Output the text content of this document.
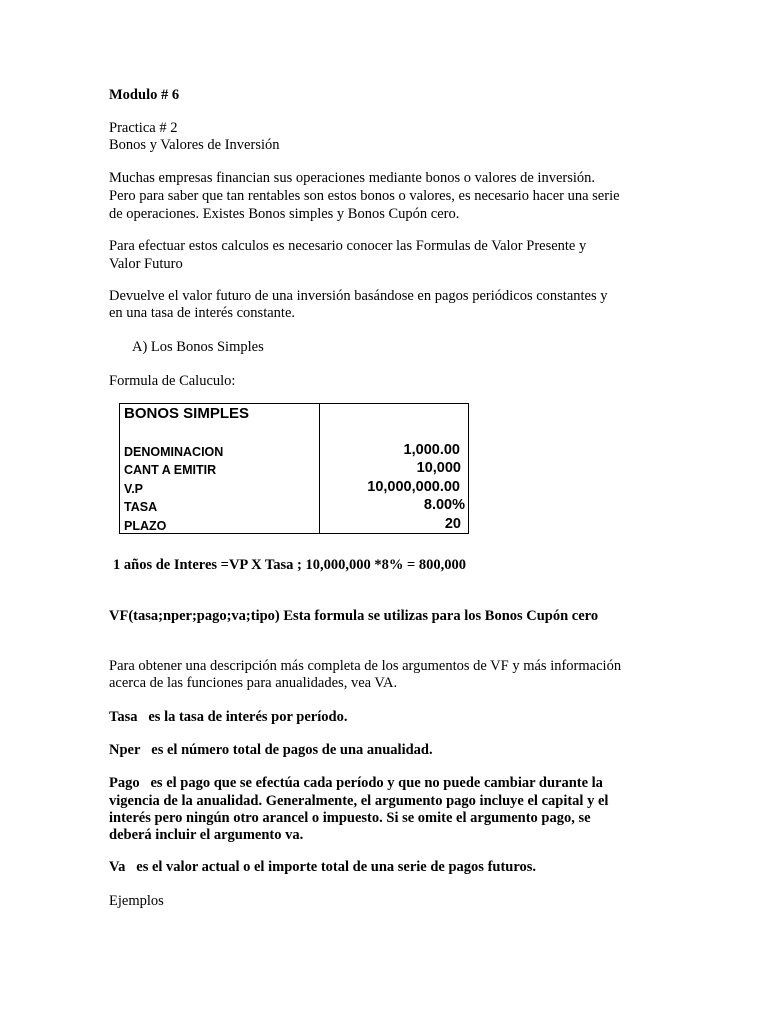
Modulo # 6
Practica # 2
Bonos y Valores de Inversión
Muchas empresas financian sus operaciones mediante bonos o valores de inversión.
Pero para saber que tan rentables son estos bonos o valores, es necesario hacer una serie
de operaciones. Existes Bonos simples y Bonos Cupón cero.
Para efectuar estos calculos es necesario conocer las Formulas de Valor Presente y
Valor Futuro
Devuelve el valor futuro de una inversión basándose en pagos periódicos constantes y
en una tasa de interés constante.
A) Los Bonos Simples
Formula de Caluculo:
BONOS SIMPLES
DENOMINACION	1,000.00
CANT A EMITIR	10,000
V.P	10,000,000.00
TASA	8.00%
PLAZO	20
1 años de Interes =VP X Tasa ; 10,000,000 *8% = 800,000
VF(tasa;nper;pago;va;tipo) Esta formula se utilizas para los Bonos Cupón cero
Para obtener una descripción más completa de los argumentos de VF y más información
acerca de las funciones para anualidades, vea VA.
Tasa es la tasa de interés por período.
Nper es el número total de pagos de una anualidad.
Pago es el pago que se efectúa cada período y que no puede cambiar durante la
vigencia de la anualidad. Generalmente, el argumento pago incluye el capital y el
interés pero ningún otro arancel o impuesto. Si se omite el argumento pago, se
deberá incluir el argumento va.
Va es el valor actual o el importe total de una serie de pagos futuros.
Ejemplos
